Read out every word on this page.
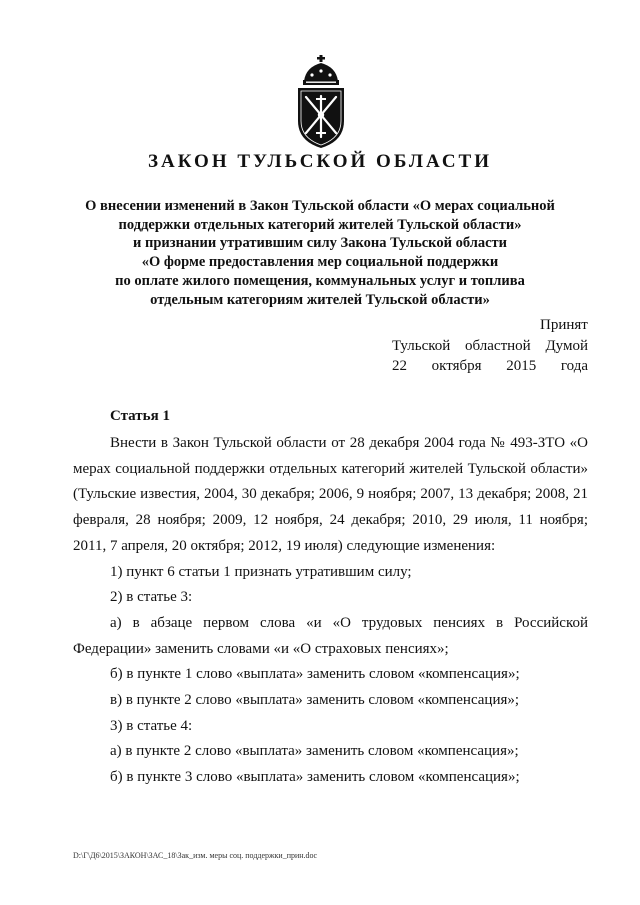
ЗАКОН ТУЛЬСКОЙ ОБЛАСТИ
О внесении изменений в Закон Тульской области «О мерах социальной
поддержки отдельных категорий жителей Тульской области»
и признании утратившим силу Закона Тульской области
«О форме предоставления мер социальной поддержки
по оплате жилого помещения, коммунальных услуг и топлива
отдельным категориям жителей Тульской области»
Принят
Тульской областной Думой
22 октября 2015 года
Статья 1

Внести в Закон Тульской области от 28 декабря 2004 года № 493-ЗТО «О мерах социальной поддержки отдельных категорий жителей Тульской области» (Тульские известия, 2004, 30 декабря; 2006, 9 ноября; 2007, 13 декабря; 2008, 21 февраля, 28 ноября; 2009, 12 ноября, 24 декабря; 2010, 29 июля, 11 ноября; 2011, 7 апреля, 20 октября; 2012, 19 июля) следующие изменения:

1) пункт 6 статьи 1 признать утратившим силу;

2) в статье 3:

а) в абзаце первом слова «и «О трудовых пенсиях в Российской Федерации» заменить словами «и «О страховых пенсиях»;

б) в пункте 1 слово «выплата» заменить словом «компенсация»;

в) в пункте 2 слово «выплата» заменить словом «компенсация»;

3) в статье 4:

а) в пункте 2 слово «выплата» заменить словом «компенсация»;

б) в пункте 3 слово «выплата» заменить словом «компенсация»;

D:\Г\Д6\2015\ЗАКОН\ЗАС_18\Зак_изм. меры соц. поддержки_прин.doc
